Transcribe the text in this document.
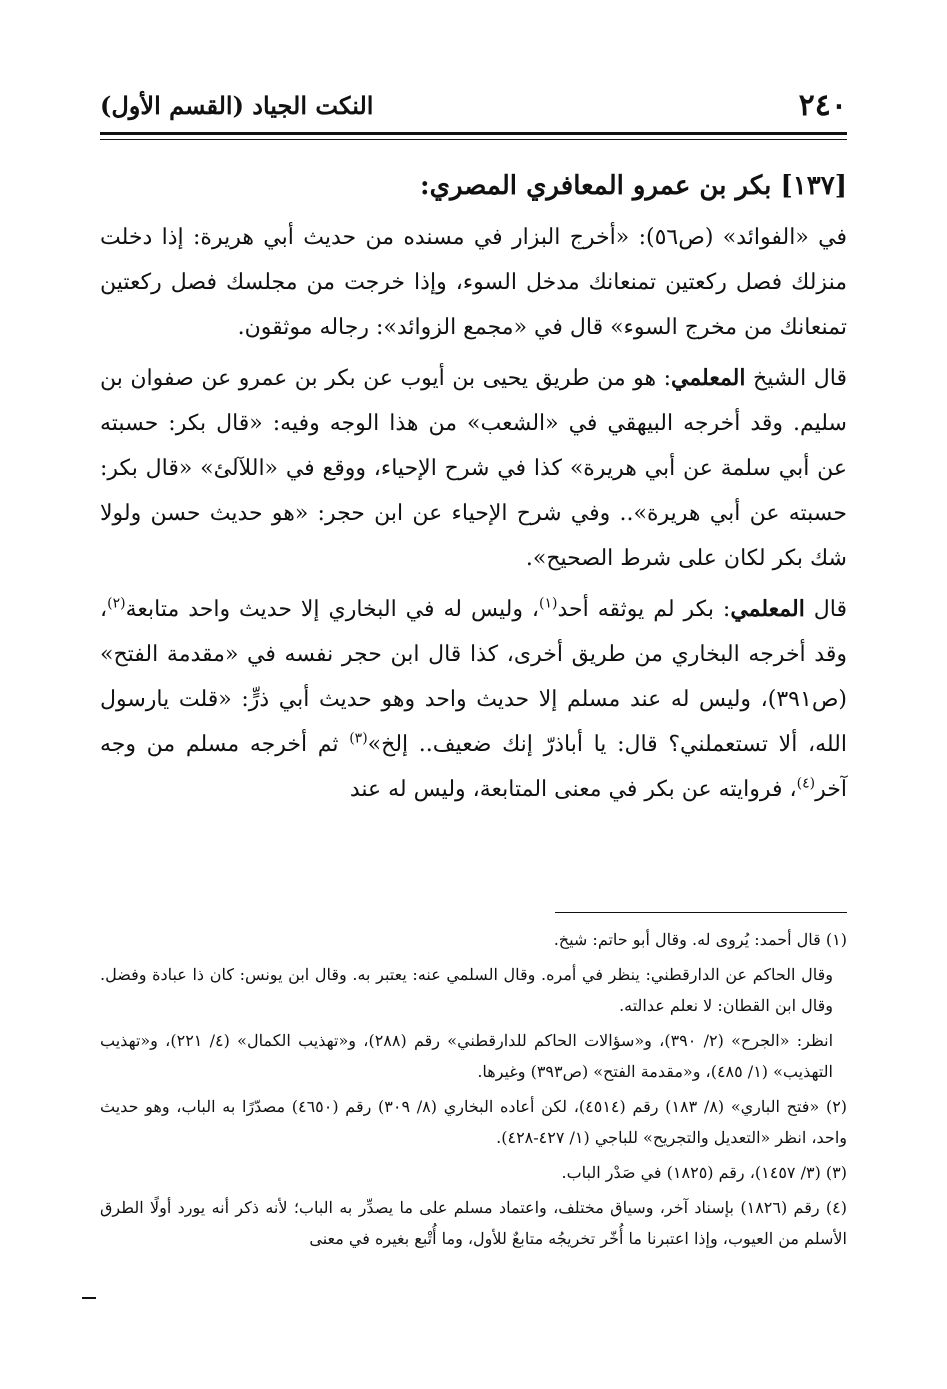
٢٤٠
النكت الجياد (القسم الأول)
[١٣٧] بكر بن عمرو المعافري المصري:

في «الفوائد» (ص٥٦): «أخرج البزار في مسنده من حديث أبي هريرة: إذا دخلت منزلك فصل ركعتين تمنعانك مدخل السوء، وإذا خرجت من مجلسك فصل ركعتين تمنعانك من مخرج السوء» قال في «مجمع الزوائد»: رجاله موثقون.

قال الشيخ المعلمي: هو من طريق يحيى بن أيوب عن بكر بن عمرو عن صفوان بن سليم. وقد أخرجه البيهقي في «الشعب» من هذا الوجه وفيه: «قال بكر: حسبته عن أبي سلمة عن أبي هريرة» كذا في شرح الإحياء، ووقع في «اللآلئ» «قال بكر: حسبته عن أبي هريرة».. وفي شرح الإحياء عن ابن حجر: «هو حديث حسن ولولا شك بكر لكان على شرط الصحيح».

قال المعلمي: بكر لم يوثقه أحد$^{(١)}$، وليس له في البخاري إلا حديث واحد متابعة$^{(٢)}$، وقد أخرجه البخاري من طريق أخرى، كذا قال ابن حجر نفسه في «مقدمة الفتح» (ص٣٩١)، وليس له عند مسلم إلا حديث واحد وهو حديث أبي ذرٍّ: «قلت يارسول الله، ألا تستعملني؟ قال: يا أباذرّ إنك ضعيف.. إلخ»$^{(٣)}$ ثم أخرجه مسلم من وجه آخر$^{(٤)}$، فروايته عن بكر في معنى المتابعة، وليس له عند

(١) قال أحمد: يُروى له. وقال أبو حاتم: شيخ.

وقال الحاكم عن الدارقطني: ينظر في أمره. وقال السلمي عنه: يعتبر به. وقال ابن يونس: كان ذا عبادة وفضل. وقال ابن القطان: لا نعلم عدالته.

انظر: «الجرح» (٢/ ٣٩٠)، و«سؤالات الحاكم للدارقطني» رقم (٢٨٨)، و«تهذيب الكمال» (٤/ ٢٢١)، و«تهذيب التهذيب» (١/ ٤٨٥)، و«مقدمة الفتح» (ص٣٩٣) وغيرها.

(٢) «فتح الباري» (٨/ ١٨٣) رقم (٤٥١٤)، لكن أعاده البخاري (٨/ ٣٠٩) رقم (٤٦٥٠) مصدّرًا به الباب، وهو حديث واحد، انظر «التعديل والتجريح» للباجي (١/ ٤٢٧-٤٢٨).

(٣) (٣/ ١٤٥٧)، رقم (١٨٢٥) في صَدْر الباب.

(٤) رقم (١٨٢٦) بإسناد آخر، وسياق مختلف، واعتماد مسلم على ما يصدِّر به الباب؛ لأنه ذكر أنه يورد أولًا الطرق الأسلم من العيوب، وإذا اعتبرنا ما أُخّر تخريجُه متابعٌ للأول، وما أُتْبع بغيره في معنى
